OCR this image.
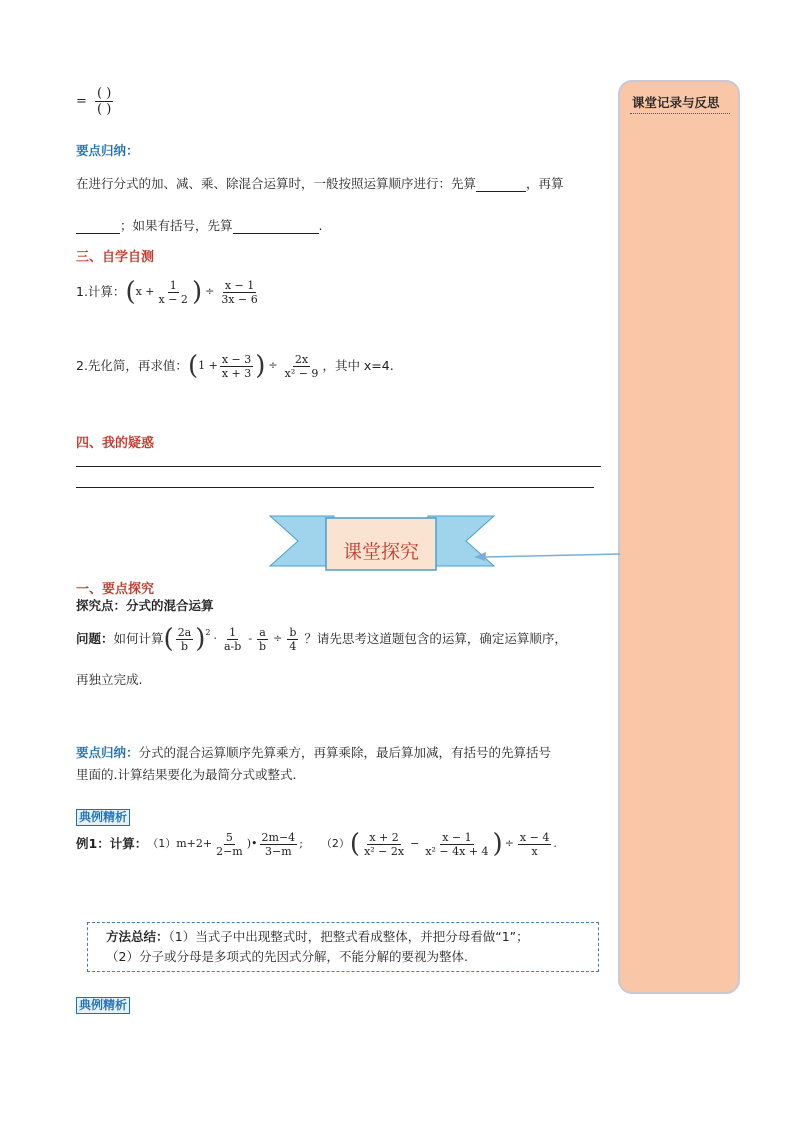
课堂记录与反思
= $\frac{( )}{( )}$
要点归纳：
在进行分式的加、减、乘、除混合运算时，一般按照运算顺序进行：先算	，再算
；如果有括号，先算	.
三、自学自测
1.计算： ( $x + \frac{1}{x - 2}$ ) ÷ $\frac{x - 1}{3x - 6}$
2.先化简，再求值： ( $1 + \frac{x - 3}{x + 3}$ ) ÷ $\frac{2x}{\text{x² − 9}}$ ，其中 x=4.
四、我的疑惑
课堂探究
一、要点探究
探究点：分式的混合运算
问题： 如何计算 ( $\frac{2a}{b}$ ) $2 \cdot \frac{1}{a-b} - \frac{a}{b} \div \frac{b}{4}$ ？请先思考这道题包含的运算，确定运算顺序，
再独立完成.
要点归纳：分式的混合运算顺序先算乘方，再算乘除，最后算加减，有括号的先算括号
里面的.计算结果要化为最简分式或整式.
典例精析
例1：计算： （1） $m+2+ \frac{5}{2-m}$ ) • $\frac{2m-4}{3-m}$ ; （2） ( $\frac{x + 2}{\text{x² − 2x}} - \frac{x - 1}{\text{x² − 4x + 4}}$ ) ÷ $\frac{x - 4}{x}$ .
方法总结：（1）当式子中出现整式时，把整式看成整体，并把分母看做“1”；
（2）分子或分母是多项式的先因式分解，不能分解的要视为整体.
典例精析
